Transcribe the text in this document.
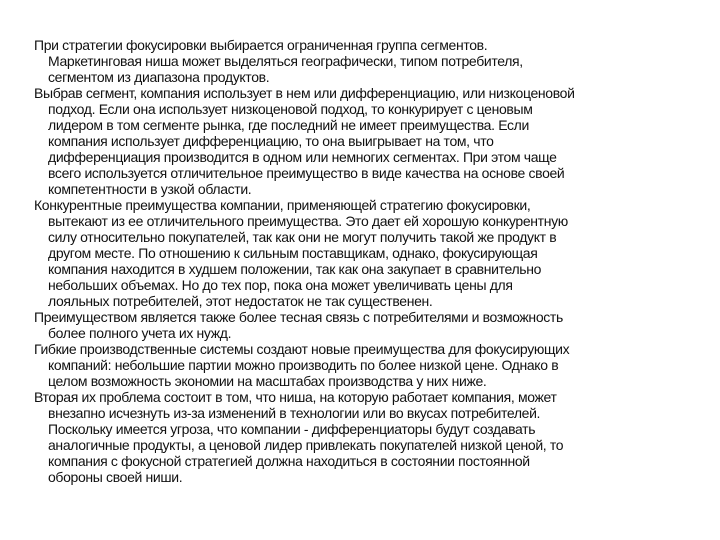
При стратегии фокусировки выбирается ограниченная группа сегментов.
Маркетинговая ниша может выделяться географически, типом потребителя,
сегментом из диапазона продуктов.
Выбрав сегмент, компания использует в нем или дифференциацию, или низкоценовой
подход. Если она использует низкоценовой подход, то конкурирует с ценовым
лидером в том сегменте рынка, где последний не имеет преимущества. Если
компания использует дифференциацию, то она выигрывает на том, что
дифференциация производится в одном или немногих сегментах. При этом чаще
всего используется отличительное преимущество в виде качества на основе своей
компетентности в узкой области.
Конкурентные преимущества компании, применяющей стратегию фокусировки,
вытекают из ее отличительного преимущества. Это дает ей хорошую конкурентную
силу относительно покупателей, так как они не могут получить такой же продукт в
другом месте. По отношению к сильным поставщикам, однако, фокусирующая
компания находится в худшем положении, так как она закупает в сравнительно
небольших объемах. Но до тех пор, пока она может увеличивать цены для
лояльных потребителей, этот недостаток не так существенен.
Преимуществом является также более тесная связь с потребителями и возможность
более полного учета их нужд.
Гибкие производственные системы создают новые преимущества для фокусирующих
компаний: небольшие партии можно производить по более низкой цене. Однако в
целом возможность экономии на масштабах производства у них ниже.
Вторая их проблема состоит в том, что ниша, на которую работает компания, может
внезапно исчезнуть из-за изменений в технологии или во вкусах потребителей.
Поскольку имеется угроза, что компании - дифференциаторы будут создавать
аналогичные продукты, а ценовой лидер привлекать покупателей низкой ценой, то
компания с фокусной стратегией должна находиться в состоянии постоянной
обороны своей ниши.
